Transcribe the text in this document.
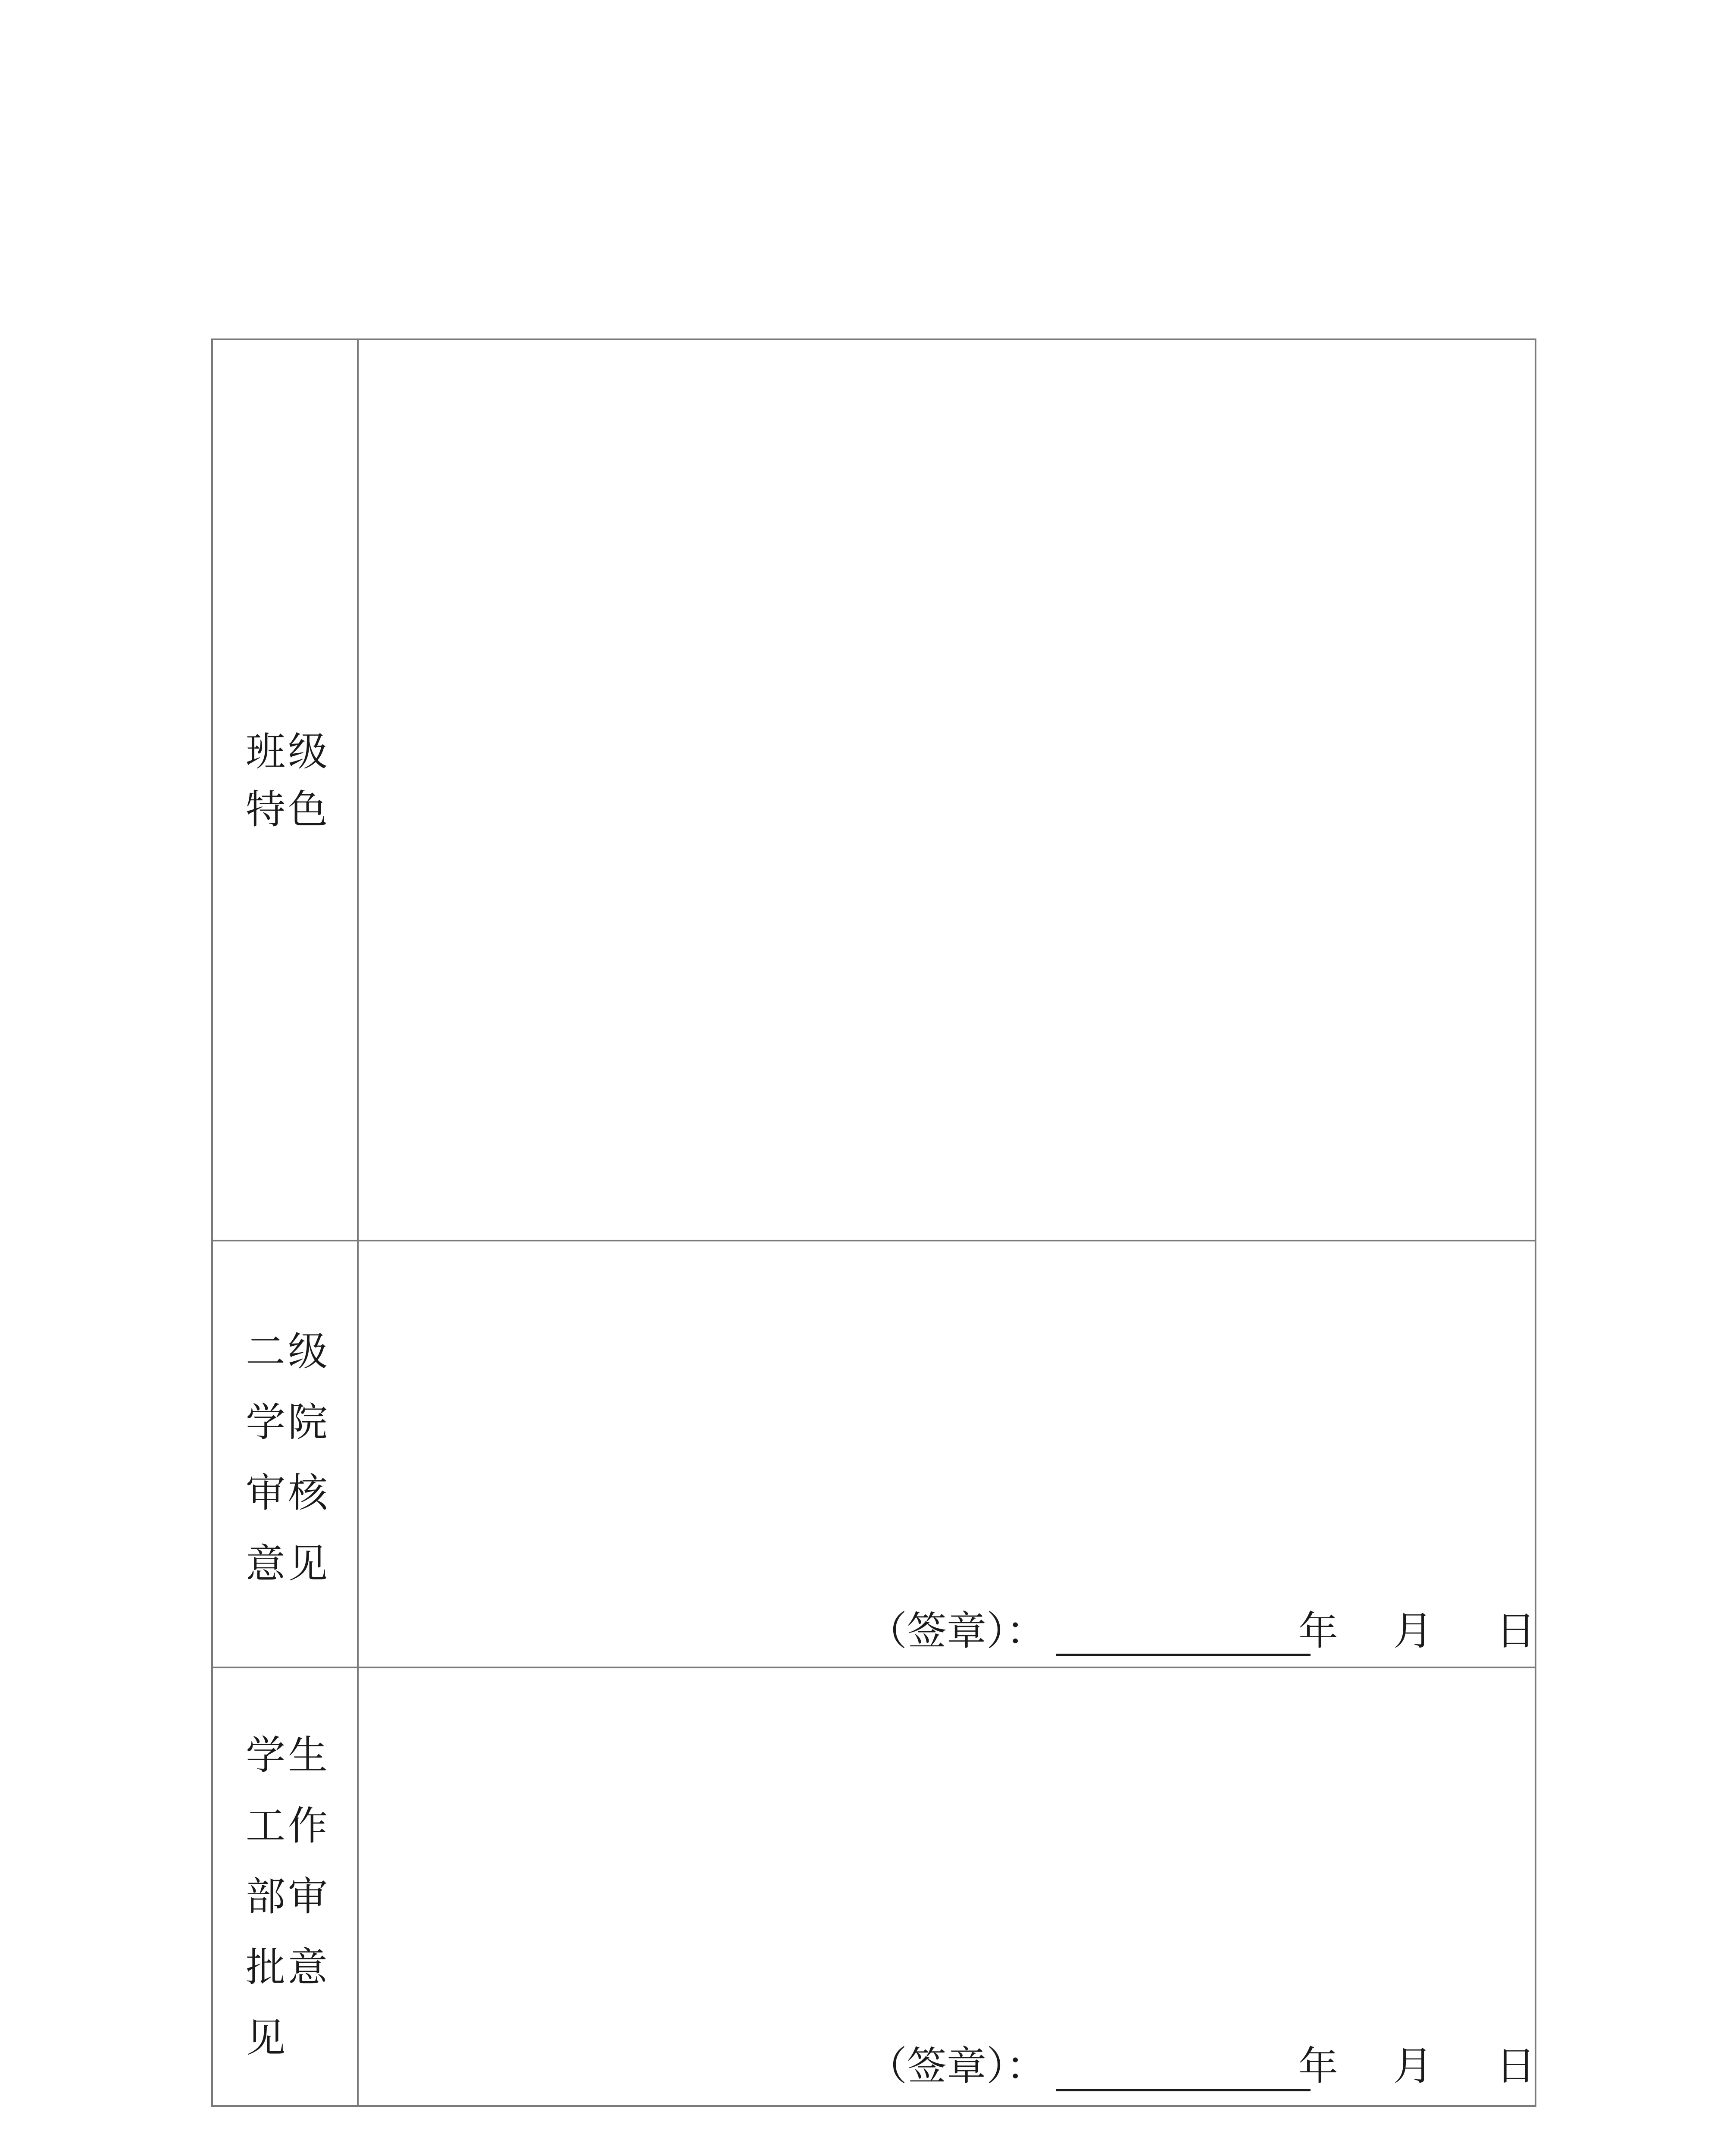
班级特色
二级学院审核意见
（签章）：	年 月 日
学生工作部审批意见
（签章）：	年 月 日
